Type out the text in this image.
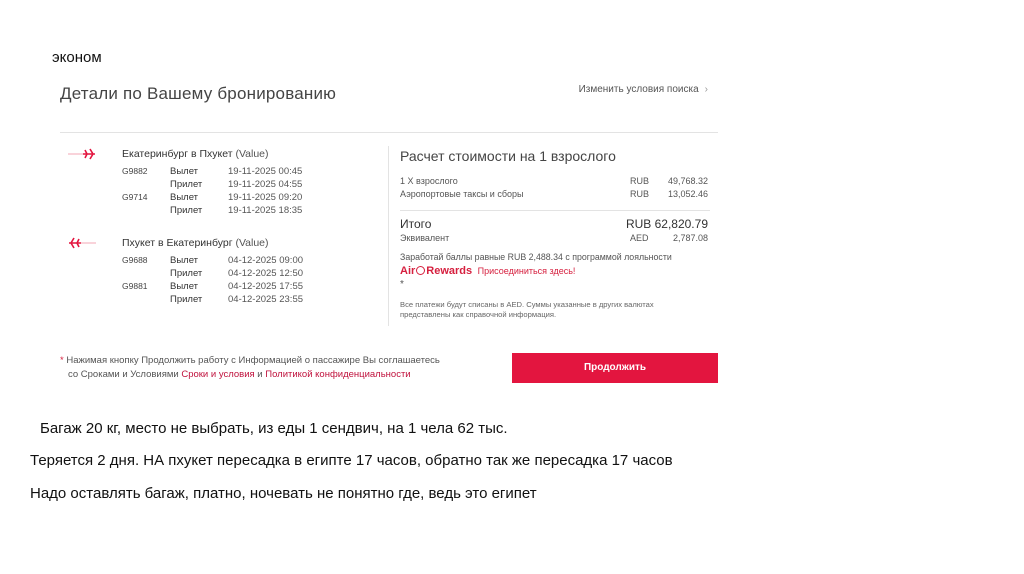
эконом
Детали по Вашему бронированию	Изменить условия поиска ›
Екатеринбург в Пхукет (Value)
G9882 Вылет	19-11-2025 00:45
Прилет	19-11-2025 04:55
G9714 Вылет	19-11-2025 09:20
Прилет	19-11-2025 18:35
Пхукет в Екатеринбург (Value)
G9688 Вылет	04-12-2025 09:00
Прилет	04-12-2025 12:50
G9881 Вылет	04-12-2025 17:55
Прилет	04-12-2025 23:55
Расчет стоимости на 1 взрослого
1 X взрослого	RUB 49,768.32
Аэропортовые таксы и сборы	RUB 13,052.46
Итого	RUB 62,820.79
Эквивалент	AED	2,787.08
Заработай баллы равные RUB 2,488.34 с программой лояльности
Air Rewards Присоединиться здесь!
*
Все платежи будут списаны в AED. Суммы указанные в других валютах представлены как справочной информация.
* Нажимая кнопку Продолжить работу с Информацией о пассажире Вы соглашаетесь
со Сроками и Условиями Сроки и условия и Политикой конфиденциальности
Продолжить
Багаж 20 кг, место не выбрать, из еды 1 сендвич, на 1 чела 62 тыс.
Теряется 2 дня. НА пхукет пересадка в египте 17 часов, обратно так же пересадка 17 часов
Надо оставлять багаж, платно, ночевать не понятно где, ведь это египет
